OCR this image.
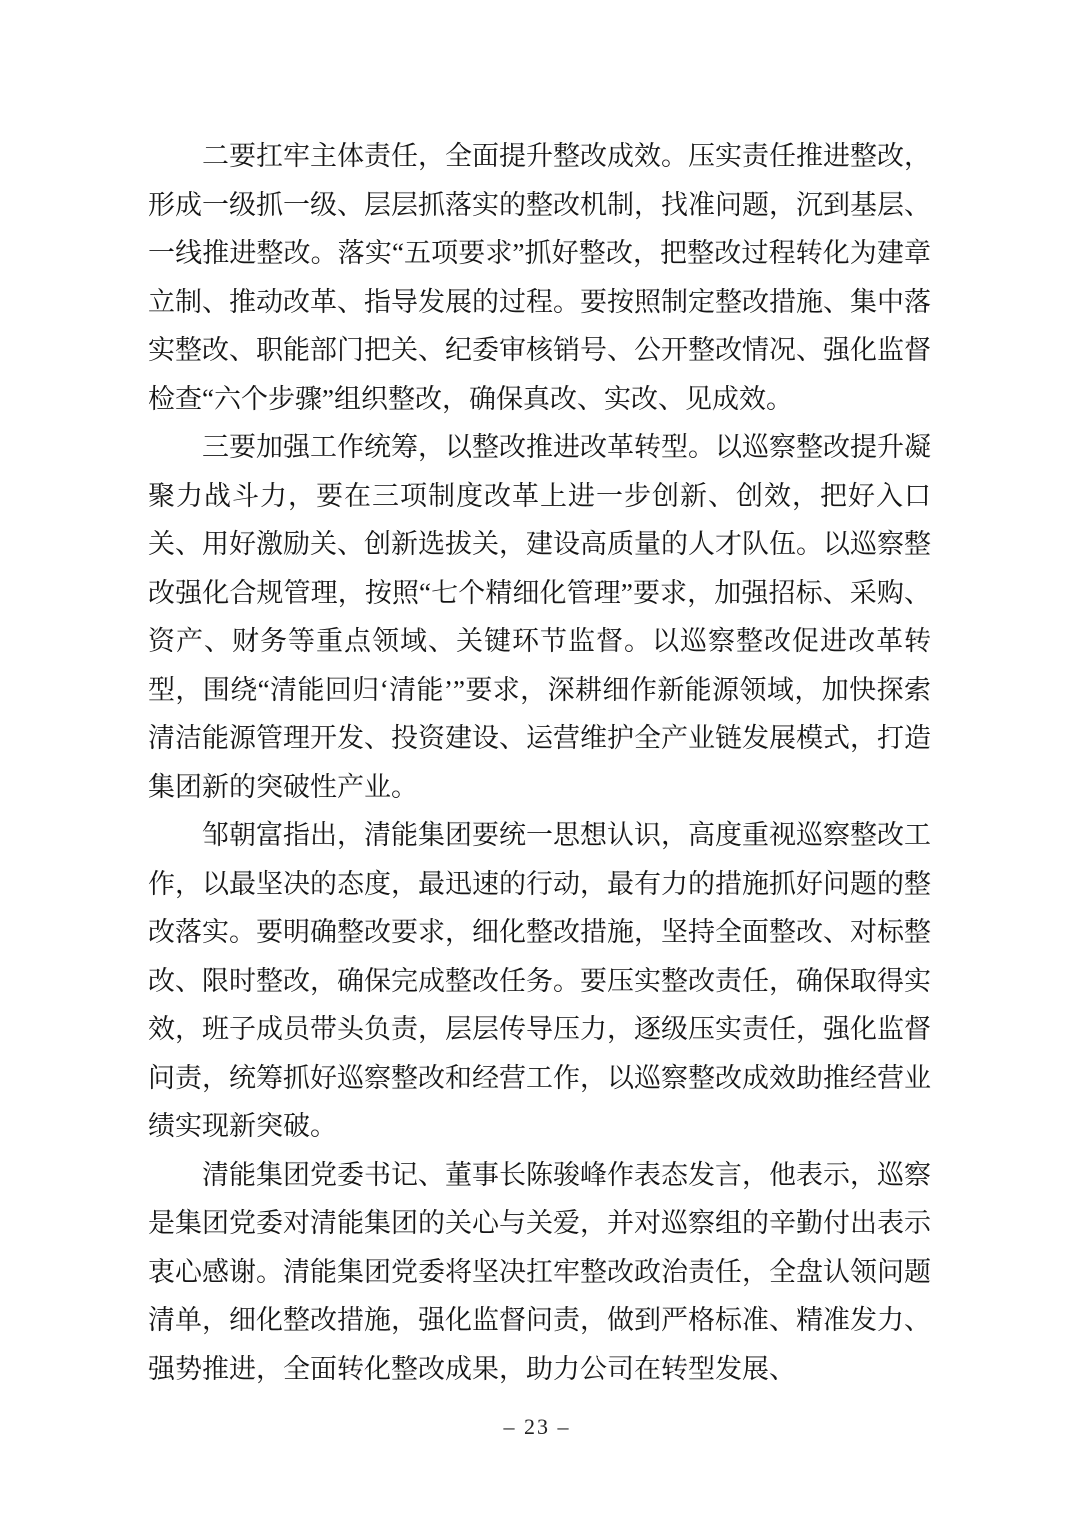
二要扛牢主体责任，全面提升整改成效。压实责任推进整改，形成一级抓一级、层层抓落实的整改机制，找准问题，沉到基层、一线推进整改。落实“五项要求”抓好整改，把整改过程转化为建章立制、推动改革、指导发展的过程。要按照制定整改措施、集中落实整改、职能部门把关、纪委审核销号、公开整改情况、强化监督检查“六个步骤”组织整改，确保真改、实改、见成效。

三要加强工作统筹，以整改推进改革转型。以巡察整改提升凝聚力战斗力，要在三项制度改革上进一步创新、创效，把好入口关、用好激励关、创新选拔关，建设高质量的人才队伍。以巡察整改强化合规管理，按照“七个精细化管理”要求，加强招标、采购、资产、财务等重点领域、关键环节监督。以巡察整改促进改革转型，围绕“清能回归‘清能’”要求，深耕细作新能源领域，加快探索清洁能源管理开发、投资建设、运营维护全产业链发展模式，打造集团新的突破性产业。

邹朝富指出，清能集团要统一思想认识，高度重视巡察整改工作，以最坚决的态度，最迅速的行动，最有力的措施抓好问题的整改落实。要明确整改要求，细化整改措施，坚持全面整改、对标整改、限时整改，确保完成整改任务。要压实整改责任，确保取得实效，班子成员带头负责，层层传导压力，逐级压实责任，强化监督问责，统筹抓好巡察整改和经营工作，以巡察整改成效助推经营业绩实现新突破。

清能集团党委书记、董事长陈骏峰作表态发言，他表示，巡察是集团党委对清能集团的关心与关爱，并对巡察组的辛勤付出表示衷心感谢。清能集团党委将坚决扛牢整改政治责任，全盘认领问题清单，细化整改措施，强化监督问责，做到严格标准、精准发力、强势推进，全面转化整改成果，助力公司在转型发展、

– 23 –
